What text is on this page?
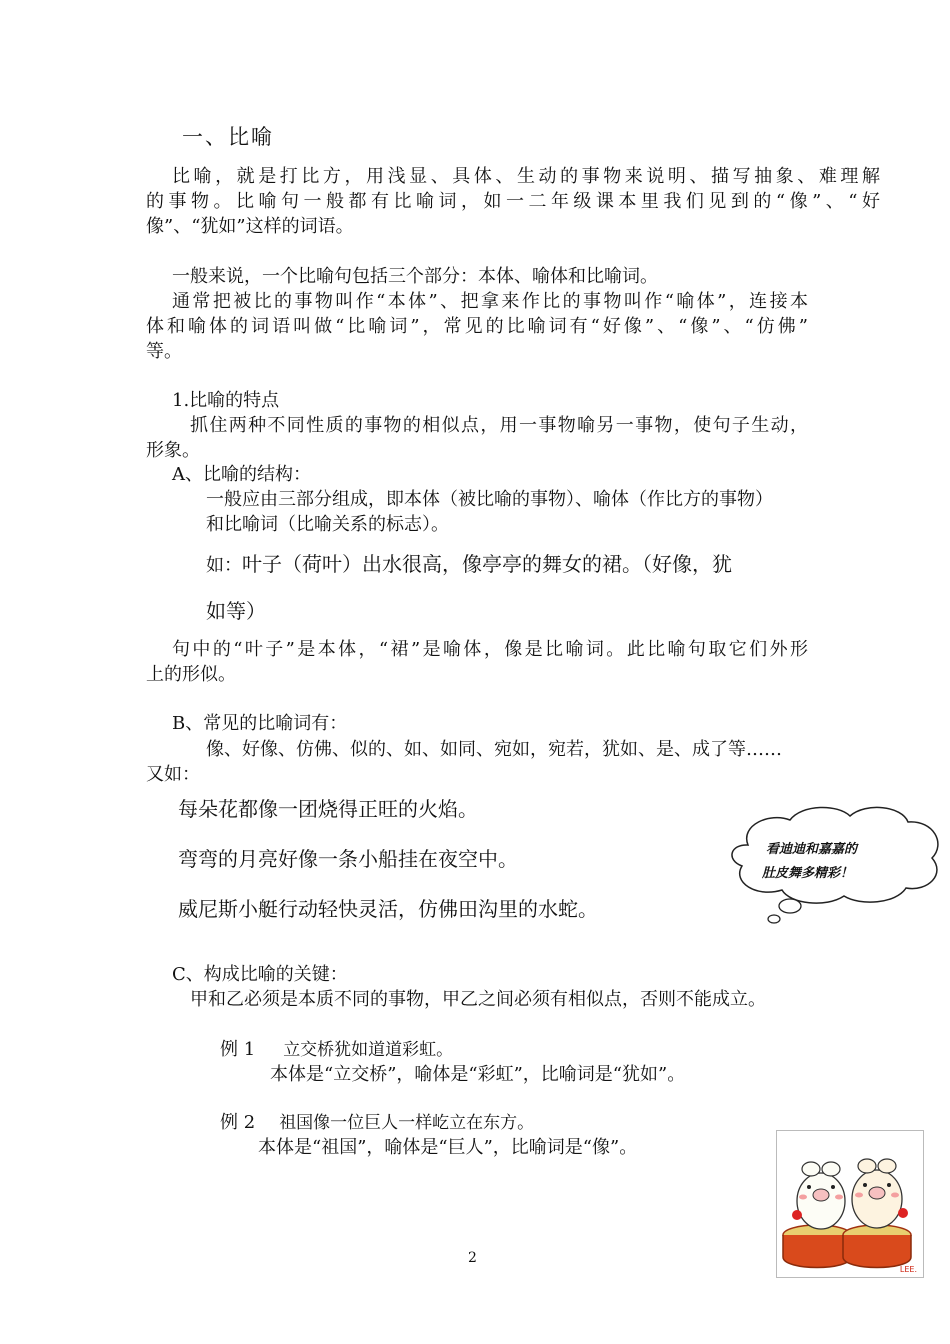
一、比喻
比喻，就是打比方，用浅显、具体、生动的事物来说明、描写抽象、难理解
的事物。比喻句一般都有比喻词，如一二年级课本里我们见到的“像”、“好
像”、“犹如”这样的词语。
一般来说，一个比喻句包括三个部分：本体、喻体和比喻词。
通常把被比的事物叫作“本体”、把拿来作比的事物叫作“喻体”，连接本
体和喻体的词语叫做“比喻词”，常见的比喻词有“好像”、“像”、“仿佛”
等。
1.比喻的特点
抓住两种不同性质的事物的相似点，用一事物喻另一事物，使句子生动，
形象。
A、比喻的结构：
一般应由三部分组成，即本体（被比喻的事物）、喻体（作比方的事物）
和比喻词（比喻关系的标志）。
如：叶子（荷叶）出水很高，像亭亭的舞女的裙。（好像，犹
如等）
句中的“叶子”是本体，“裙”是喻体，像是比喻词。此比喻句取它们外形
上的形似。
B、常见的比喻词有：
像、好像、仿佛、似的、如、如同、宛如，宛若，犹如、是、成了等……
又如：
每朵花都像一团烧得正旺的火焰。
弯弯的月亮好像一条小船挂在夜空中。
威尼斯小艇行动轻快灵活，仿佛田沟里的水蛇。
看迪迪和嘉嘉的
肚皮舞多精彩！
C、构成比喻的关键：
甲和乙必须是本质不同的事物，甲乙之间必须有相似点，否则不能成立。
例 1 立交桥犹如道道彩虹。
本体是“立交桥”，喻体是“彩虹”，比喻词是“犹如”。
例 2 祖国像一位巨人一样屹立在东方。
本体是“祖国”，喻体是“巨人”，比喻词是“像”。
2
LEE.
